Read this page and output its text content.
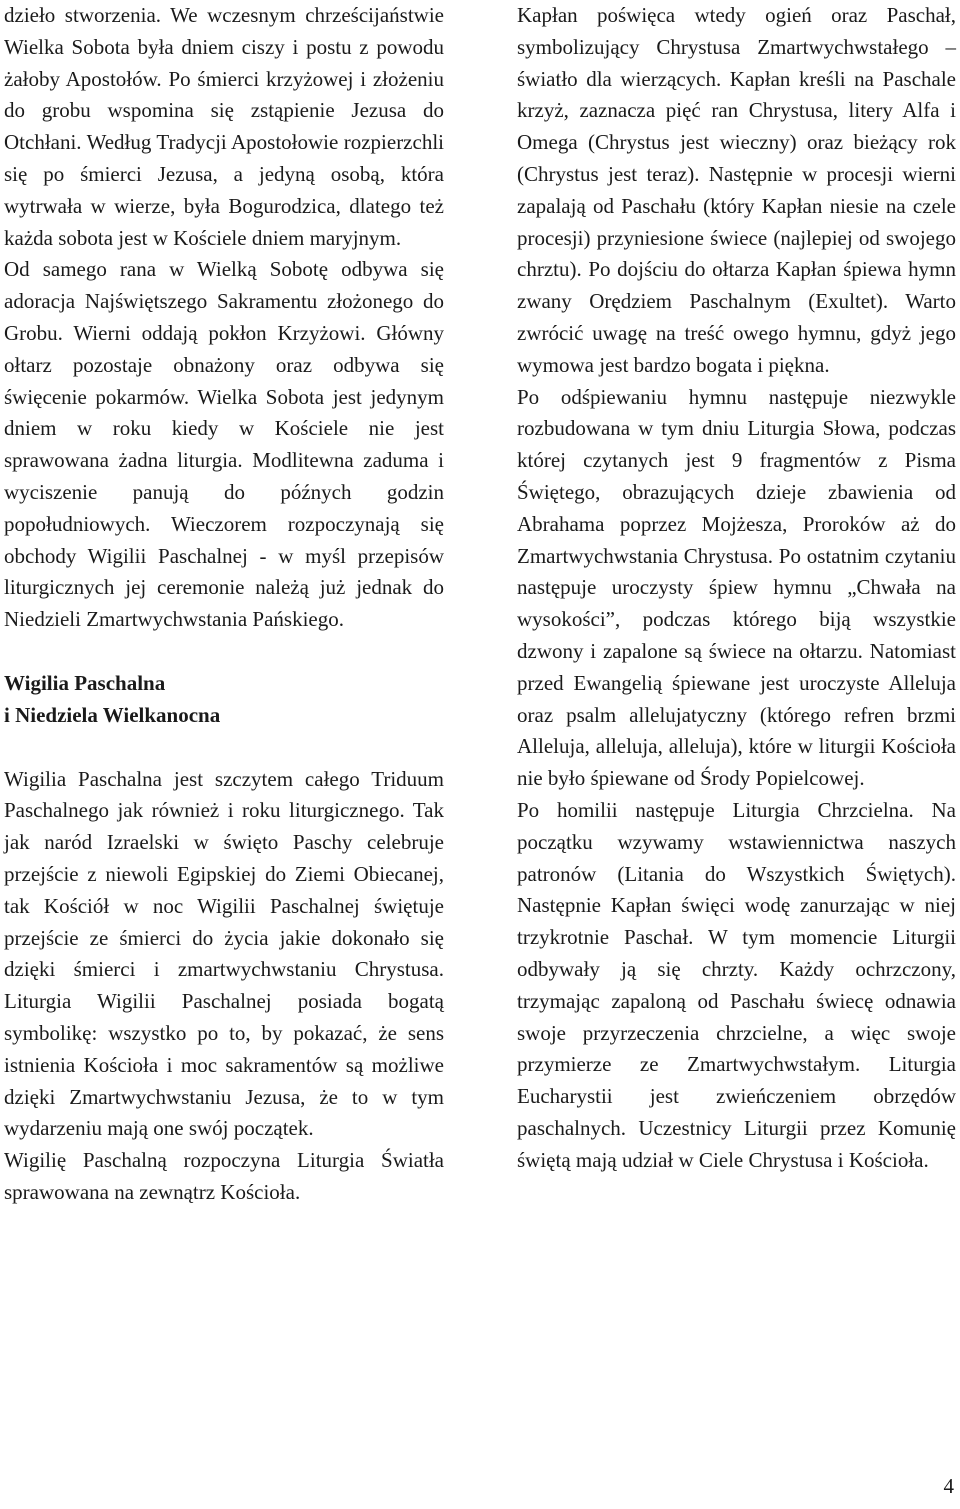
dzieło stworzenia. We wczesnym chrześcijaństwie Wielka Sobota była dniem ciszy i postu z powodu żałoby Apostołów. Po śmierci krzyżowej i złożeniu do grobu wspomina się zstąpienie Jezusa do Otchłani. Według Tradycji Apostołowie rozpierzchli się po śmierci Jezusa, a jedyną osobą, która wytrwała w wierze, była Bogurodzica, dlatego też każda sobota jest w Kościele dniem maryjnym.

Od samego rana w Wielką Sobotę odbywa się adoracja Najświętszego Sakramentu złożonego do Grobu. Wierni oddają pokłon Krzyżowi. Główny ołtarz pozostaje obnażony oraz odbywa się święcenie pokarmów. Wielka Sobota jest jedynym dniem w roku kiedy w Kościele nie jest sprawowana żadna liturgia. Modlitewna zaduma i wyciszenie panują do późnych godzin popołudniowych. Wieczorem rozpoczynają się obchody Wigilii Paschalnej - w myśl przepisów liturgicznych jej ceremonie należą już jednak do Niedzieli Zmartwychwstania Pańskiego.

Wigilia Paschalna
i Niedziela Wielkanocna

Wigilia Paschalna jest szczytem całego Triduum Paschalnego jak również i roku liturgicznego. Tak jak naród Izraelski w święto Paschy celebruje przejście z niewoli Egipskiej do Ziemi Obiecanej, tak Kościół w noc Wigilii Paschalnej świętuje przejście ze śmierci do życia jakie dokonało się dzięki śmierci i zmartwychwstaniu Chrystusa. Liturgia Wigilii Paschalnej posiada bogatą symbolikę: wszystko po to, by pokazać, że sens istnienia Kościoła i moc sakramentów są możliwe dzięki Zmartwychwstaniu Jezusa, że to w tym wydarzeniu mają one swój początek.

Wigilię Paschalną rozpoczyna Liturgia Światła sprawowana na zewnątrz Kościoła.

Kapłan poświęca wtedy ogień oraz Paschał, symbolizujący Chrystusa Zmartwychwstałego – światło dla wierzących. Kapłan kreśli na Paschale krzyż, zaznacza pięć ran Chrystusa, litery Alfa i Omega (Chrystus jest wieczny) oraz bieżący rok (Chrystus jest teraz). Następnie w procesji wierni zapalają od Paschału (który Kapłan niesie na czele procesji) przyniesione świece (najlepiej od swojego chrztu). Po dojściu do ołtarza Kapłan śpiewa hymn zwany Orędziem Paschalnym (Exultet). Warto zwrócić uwagę na treść owego hymnu, gdyż jego wymowa jest bardzo bogata i piękna.

Po odśpiewaniu hymnu następuje niezwykle rozbudowana w tym dniu Liturgia Słowa, podczas której czytanych jest 9 fragmentów z Pisma Świętego, obrazujących dzieje zbawienia od Abrahama poprzez Mojżesza, Proroków aż do Zmartwychwstania Chrystusa. Po ostatnim czytaniu następuje uroczysty śpiew hymnu „Chwała na wysokości”, podczas którego biją wszystkie dzwony i zapalone są świece na ołtarzu. Natomiast przed Ewangelią śpiewane jest uroczyste Alleluja oraz psalm allelujatyczny (którego refren brzmi Alleluja, alleluja, alleluja), które w liturgii Kościoła nie było śpiewane od Środy Popielcowej.

Po homilii następuje Liturgia Chrzcielna. Na początku wzywamy wstawiennictwa naszych patronów (Litania do Wszystkich Świętych). Następnie Kapłan święci wodę zanurzając w niej trzykrotnie Paschał. W tym momencie Liturgii odbywały ją się chrzty. Każdy ochrzczony, trzymając zapaloną od Paschału świecę odnawia swoje przyrzeczenia chrzcielne, a więc swoje przymierze ze Zmartwychwstałym. Liturgia Eucharystii jest zwieńczeniem obrzędów paschalnych. Uczestnicy Liturgii przez Komunię świętą mają udział w Ciele Chrystusa i Kościoła.

4
